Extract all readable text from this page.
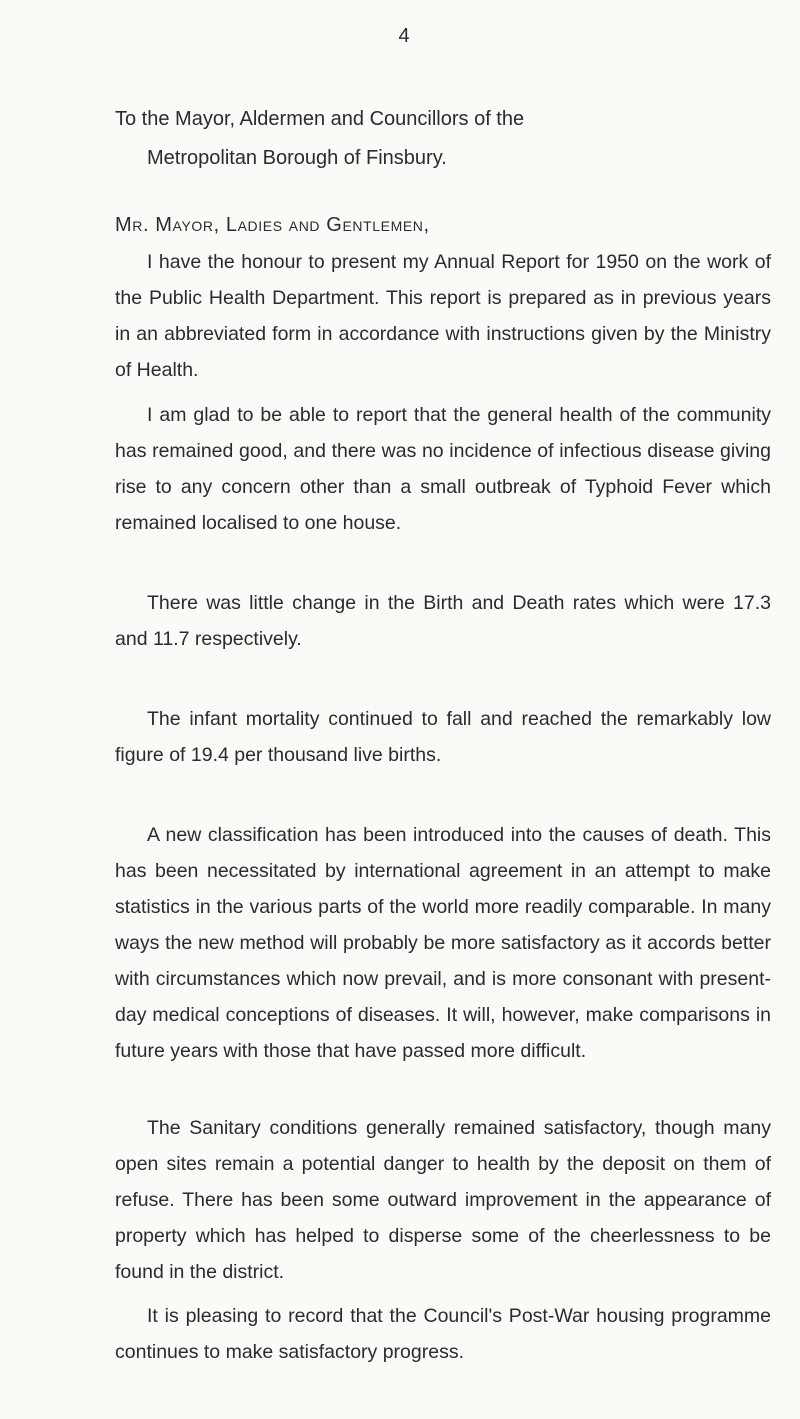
4
To the Mayor, Aldermen and Councillors of the
Metropolitan Borough of Finsbury.
Mr. Mayor, Ladies and Gentlemen,

I have the honour to present my Annual Report for 1950 on the work of the Public Health Department. This report is prepared as in previous years in an abbreviated form in accordance with instructions given by the Ministry of Health.

I am glad to be able to report that the general health of the community has remained good, and there was no incidence of infectious disease giving rise to any concern other than a small outbreak of Typhoid Fever which remained localised to one house.

There was little change in the Birth and Death rates which were 17.3 and 11.7 respectively.

The infant mortality continued to fall and reached the remarkably low figure of 19.4 per thousand live births.

A new classification has been introduced into the causes of death. This has been necessitated by international agreement in an attempt to make statistics in the various parts of the world more readily comparable. In many ways the new method will probably be more satisfactory as it accords better with circumstances which now prevail, and is more consonant with present-day medical conceptions of diseases. It will, however, make comparisons in future years with those that have passed more difficult.

The Sanitary conditions generally remained satisfactory, though many open sites remain a potential danger to health by the deposit on them of refuse. There has been some outward improvement in the appearance of property which has helped to disperse some of the cheerlessness to be found in the district.

It is pleasing to record that the Council's Post-War housing programme continues to make satisfactory progress.
